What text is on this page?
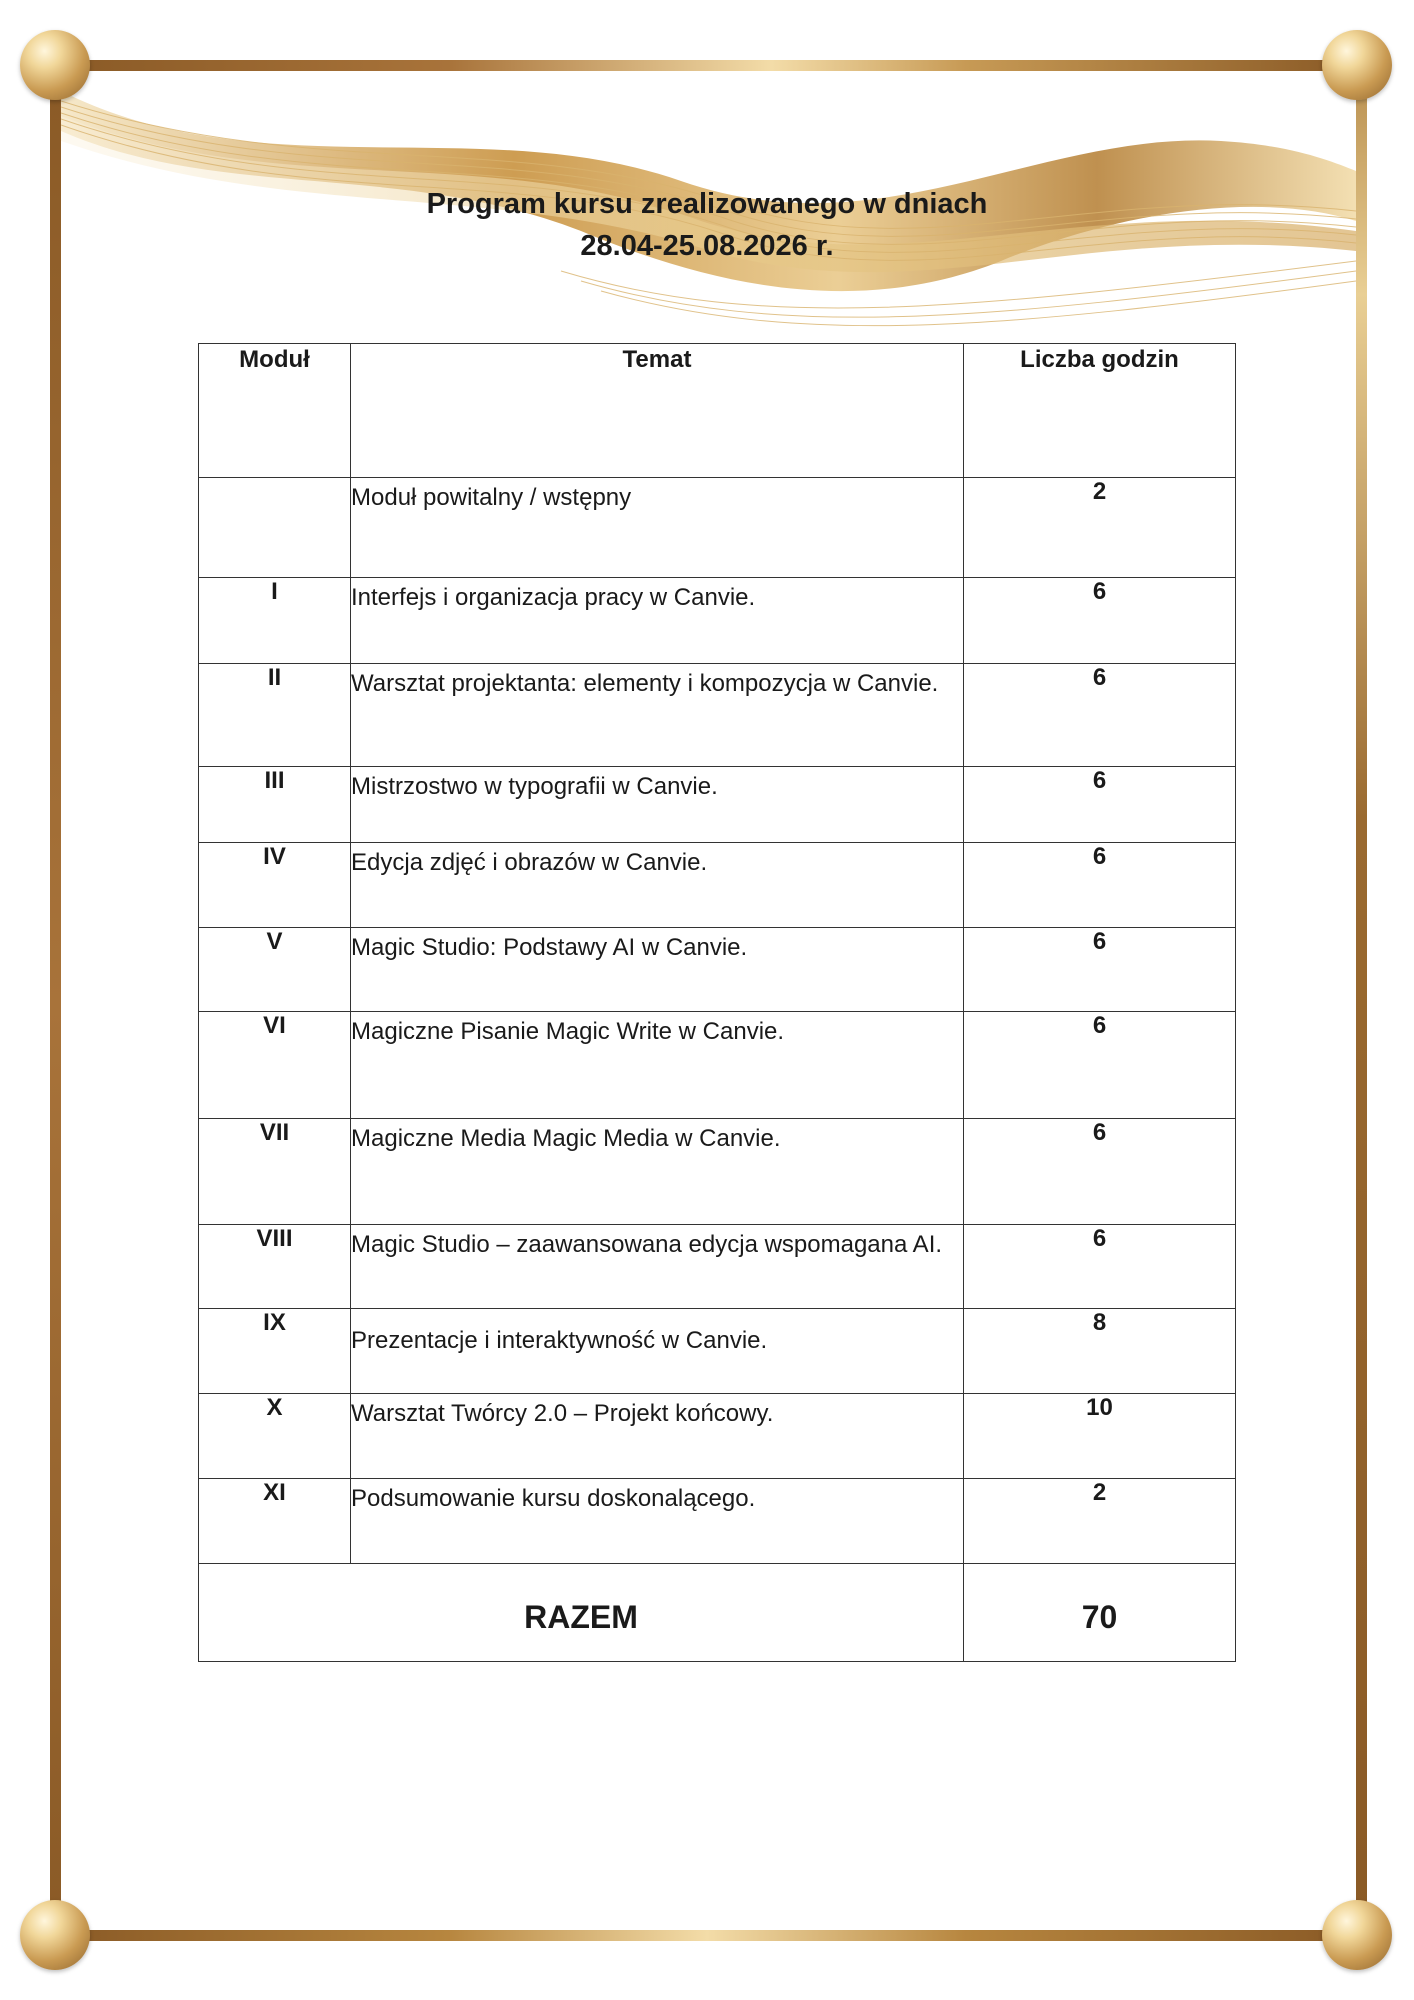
Program kursu zrealizowanego w dniach
28.04-25.08.2026 r.
Moduł	Temat	Liczba godzin

	Moduł powitalny / wstępny	2
I	Interfejs i organizacja pracy w Canvie.	6
II	Warsztat projektanta: elementy i kompozycja w Canvie.	6
III	Mistrzostwo w typografii w Canvie.	6
IV	Edycja zdjęć i obrazów w Canvie.	6
V	Magic Studio: Podstawy AI w Canvie.	6
VI	Magiczne Pisanie Magic Write w Canvie.	6
VII	Magiczne Media Magic Media w Canvie.	6
VIII	Magic Studio – zaawansowana edycja wspomagana AI.	6
IX	Prezentacje i interaktywność w Canvie.	8
X	Warsztat Twórcy 2.0 – Projekt końcowy.	10
XI	Podsumowanie kursu doskonalącego.	2
RAZEM		70
